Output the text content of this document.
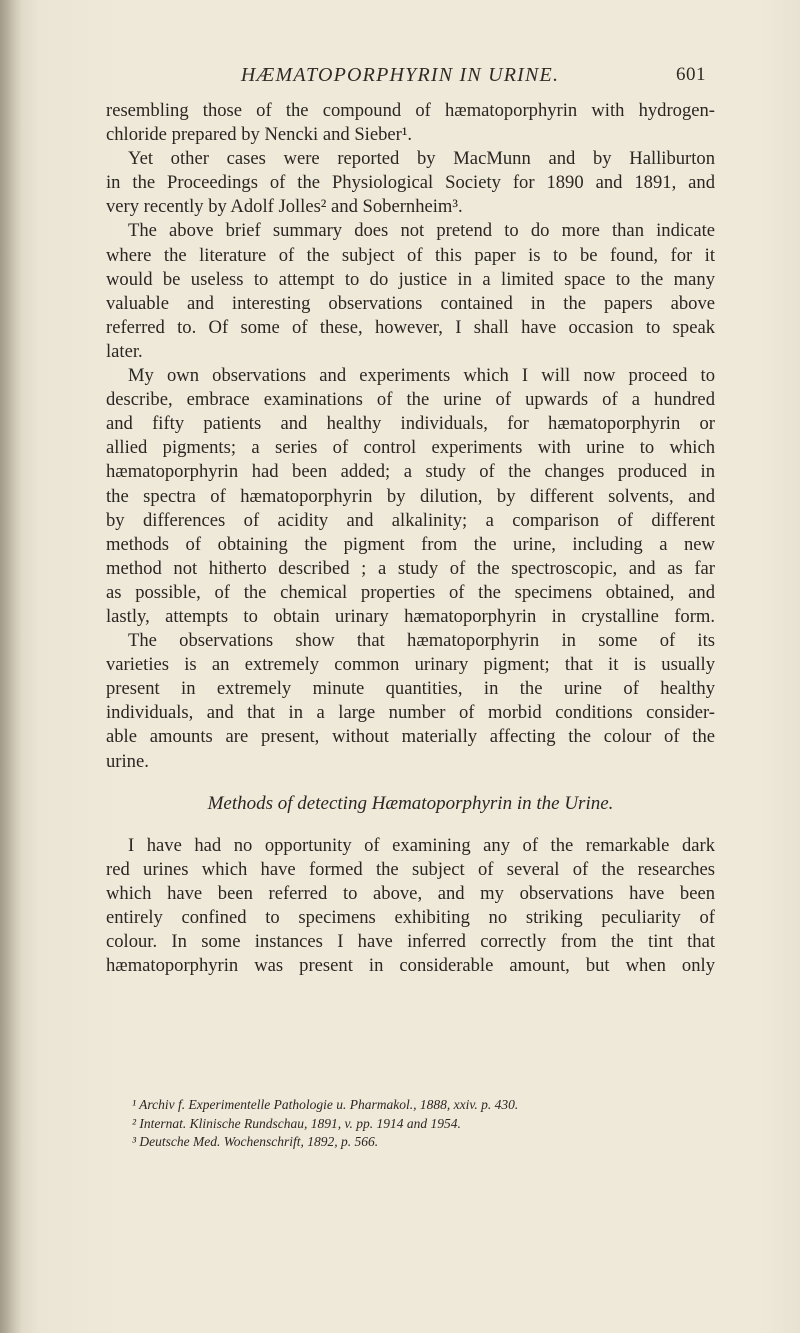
HÆMATOPORPHYRIN IN URINE.	601
resembling those of the compound of hæmatoporphyrin with hydrogen-
chloride prepared by Nencki and Sieber¹.
Yet other cases were reported by MacMunn and by Halliburton
in the Proceedings of the Physiological Society for 1890 and 1891, and
very recently by Adolf Jolles² and Sobernheim³.
The above brief summary does not pretend to do more than indicate
where the literature of the subject of this paper is to be found, for it
would be useless to attempt to do justice in a limited space to the many
valuable and interesting observations contained in the papers above
referred to. Of some of these, however, I shall have occasion to speak
later.
My own observations and experiments which I will now proceed to
describe, embrace examinations of the urine of upwards of a hundred
and fifty patients and healthy individuals, for hæmatoporphyrin or
allied pigments; a series of control experiments with urine to which
hæmatoporphyrin had been added; a study of the changes produced in
the spectra of hæmatoporphyrin by dilution, by different solvents, and
by differences of acidity and alkalinity; a comparison of different
methods of obtaining the pigment from the urine, including a new
method not hitherto described ; a study of the spectroscopic, and as far
as possible, of the chemical properties of the specimens obtained, and
lastly, attempts to obtain urinary hæmatoporphyrin in crystalline form.
The observations show that hæmatoporphyrin in some of its
varieties is an extremely common urinary pigment; that it is usually
present in extremely minute quantities, in the urine of healthy
individuals, and that in a large number of morbid conditions consider-
able amounts are present, without materially affecting the colour of the
urine.
Methods of detecting Hæmatoporphyrin in the Urine.
I have had no opportunity of examining any of the remarkable dark
red urines which have formed the subject of several of the researches
which have been referred to above, and my observations have been
entirely confined to specimens exhibiting no striking peculiarity of
colour. In some instances I have inferred correctly from the tint that
hæmatoporphyrin was present in considerable amount, but when only
¹ Archiv f. Experimentelle Pathologie u. Pharmakol., 1888, xxiv. p. 430.
² Internat. Klinische Rundschau, 1891, v. pp. 1914 and 1954.
³ Deutsche Med. Wochenschrift, 1892, p. 566.
